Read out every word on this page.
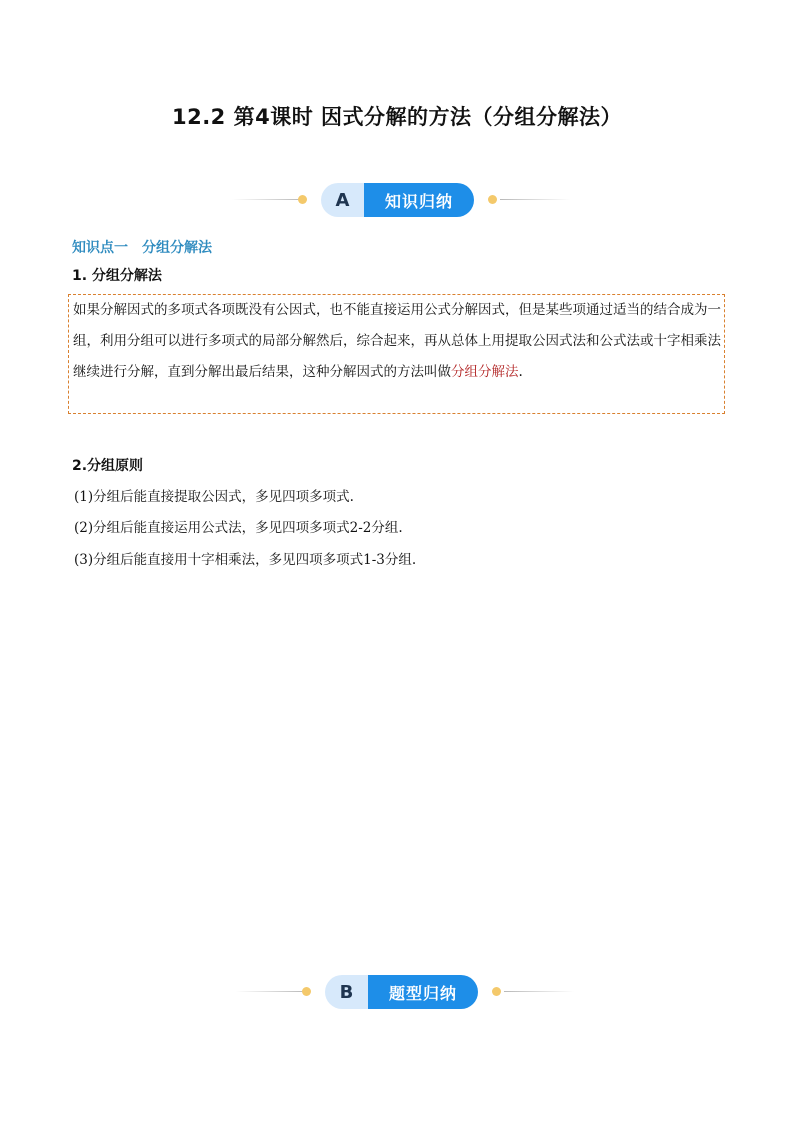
12.2 第4课时 因式分解的方法（分组分解法）
A	知识归纳
知识点一　分组分解法
1. 分组分解法
如果分解因式的多项式各项既没有公因式，也不能直接运用公式分解因式，但是某些项通过适当的结合成为一组，利用分组可以进行多项式的局部分解然后，综合起来，再从总体上用提取公因式法和公式法或十字相乘法继续进行分解，直到分解出最后结果，这种分解因式的方法叫做分组分解法.
2.分组原则
(1)分组后能直接提取公因式，多见四项多项式.
(2)分组后能直接运用公式法，多见四项多项式2-2分组.
(3)分组后能直接用十字相乘法，多见四项多项式1-3分组.
B	题型归纳
